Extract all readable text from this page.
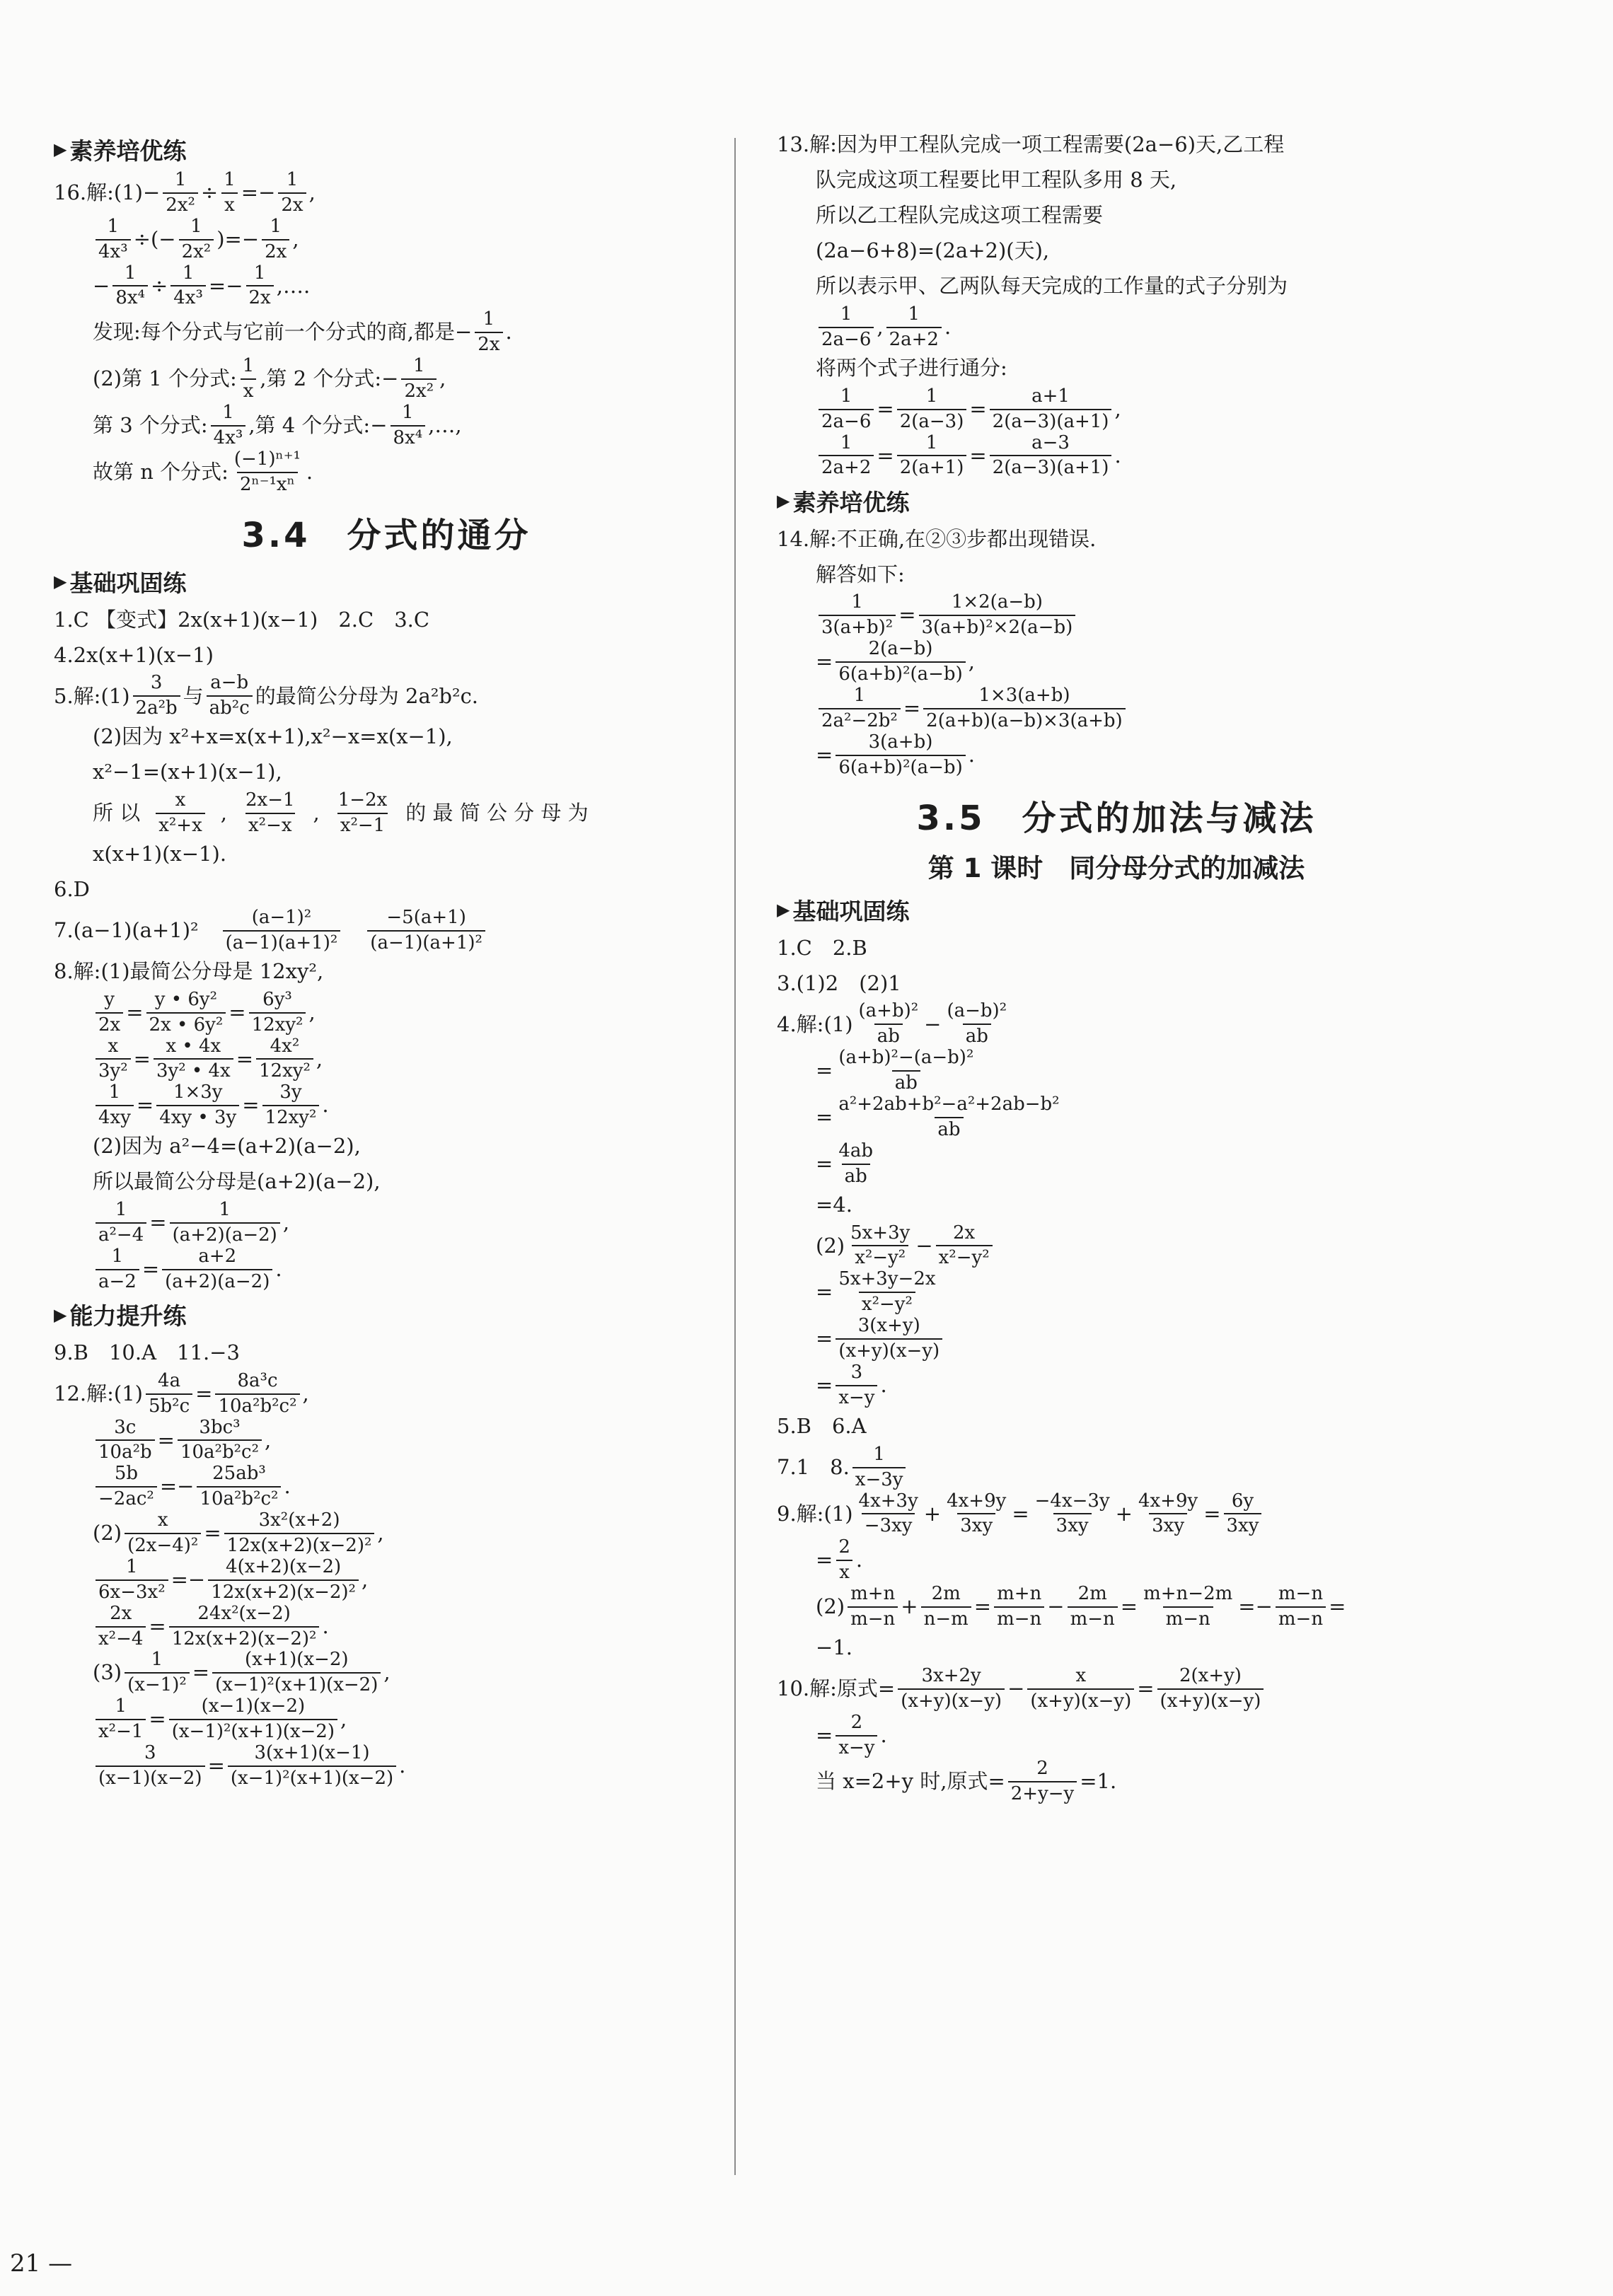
▶ 素养培优练
16.解:(1)− $\frac{1}{\text{2x²}} \div \frac{1}{x} =- \frac{1}{2x}$ ,
$\frac{1}{\text{4x³}}$ ÷(− $\frac{1}{\text{2x²}}$ )=− $\frac{1}{2x}$ ,
− $\frac{1}{\text{8x⁴}} \div \frac{1}{\text{4x³}} =- \frac{1}{2x}$ ,….
发现:每个分式与它前一个分式的商,都是− $\frac{1}{2x}$ .
(2)第 1 个分式: $\frac{1}{x}$ ,第 2 个分式:− $\frac{1}{\text{2x²}}$ ,
第 3 个分式: $\frac{1}{\text{4x³}}$ ,第 4 个分式:− $\frac{1}{\text{8x⁴}}$ ,…,
故第 n 个分式: $\frac{\text{(−1)ⁿ⁺¹}}{\text{2ⁿ⁻¹xⁿ}}$ .
3.4　分式的通分
▶ 基础巩固练
1.C 【变式】2x(x+1)(x−1)　2.C　3.C
4.2x(x+1)(x−1)
5.解:(1) $\frac{3}{\text{2a²b}}$ 与 $\frac{a-b}{\text{ab²c}}$ 的最简公分母为 2a²b²c.
(2)因为 x²+x=x(x+1),x²−x=x(x−1),
x²−1=(x+1)(x−1),
所 以 $\frac{x}{\text{x²+x}}$ , $\frac{2x-1}{\text{x²−x}}$ , $\frac{1-2x}{\text{x²−1}}$ 的 最 简 公 分 母 为
x(x+1)(x−1).
6.D
$7.(a-1)(a+1)^2 \frac{\text{(a−1)²}}{\text{(a−1)(a+1)²}} \frac{-5(a+1)}{\text{(a−1)(a+1)²}}$
8.解:(1)最简公分母是 12xy²,
$\frac{y}{2x} = \frac{\text{y • 6y²}}{\text{2x • 6y²}} = \frac{\text{6y³}}{\text{12xy²}}$ ,
$\frac{x}{\text{3y²}} = \frac{x • 4x}{\text{3y² • 4x}} = \frac{\text{4x²}}{\text{12xy²}}$ ,
$\frac{1}{4xy} = \frac{1\times 3y}{4xy • 3y} = \frac{3y}{\text{12xy²}}$ .
(2)因为 a²−4=(a+2)(a−2),
所以最简公分母是(a+2)(a−2),
$\frac{1}{\text{a²−4}} = \frac{1}{(a+2)(a-2)}$ ,
$\frac{1}{a-2} = \frac{a+2}{(a+2)(a-2)}$ .
▶ 能力提升练
9.B　10.A　11.−3
12.解:(1) $\frac{4a}{\text{5b²c}} = \frac{\text{8a³c}}{\text{10a²b²c²}}$ ,
$\frac{3c}{\text{10a²b}} = \frac{\text{3bc³}}{\text{10a²b²c²}}$ ,
$\frac{5b}{\text{−2ac²}} =- \frac{\text{25ab³}}{\text{10a²b²c²}}$ .
$(2) \frac{x}{\text{(2x−4)²}} = \frac{\text{3x²(x+2)}}{\text{12x(x+2)(x−2)²}}$ ,
$\frac{1}{\text{6x−3x²}} =- \frac{4(x+2)(x-2)}{\text{12x(x+2)(x−2)²}}$ ,
$\frac{2x}{\text{x²−4}} = \frac{\text{24x²(x−2)}}{\text{12x(x+2)(x−2)²}}$ .
$(3) \frac{1}{\text{(x−1)²}} = \frac{(x+1)(x-2)}{\text{(x−1)²(x+1)(x−2)}}$ ,
$\frac{1}{\text{x²−1}} = \frac{(x-1)(x-2)}{\text{(x−1)²(x+1)(x−2)}}$ ,
$\frac{3}{(x-1)(x-2)} = \frac{3(x+1)(x-1)}{\text{(x−1)²(x+1)(x−2)}}$ .
13.解:因为甲工程队完成一项工程需要(2a−6)天,乙工程
队完成这项工程要比甲工程队多用 8 天,
所以乙工程队完成这项工程需要
(2a−6+8)=(2a+2)(天),
所以表示甲、乙两队每天完成的工作量的式子分别为
$\frac{1}{2a-6}$ , $\frac{1}{2a+2}$ .
将两个式子进行通分:
$\frac{1}{2a-6} = \frac{1}{2(a-3)} = \frac{a+1}{2(a-3)(a+1)}$ ,
$\frac{1}{2a+2} = \frac{1}{2(a+1)} = \frac{a-3}{2(a-3)(a+1)}$ .
▶ 素养培优练
14.解:不正确,在②③步都出现错误.
解答如下:
$\frac{1}{\text{3(a+b)²}} = \frac{1\times 2(a-b)}{\text{3(a+b)²×2(a−b)}}$
= $\frac{2(a-b)}{\text{6(a+b)²(a−b)}}$ ,
$\frac{1}{\text{2a²−2b²}} = \frac{1\times 3(a+b)}{2(a+b)(a-b)\times 3(a+b)}$
= $\frac{3(a+b)}{\text{6(a+b)²(a−b)}}$ .
3.5　分式的加法与减法
第 1 课时　同分母分式的加减法
▶ 基础巩固练
1.C　2.B
3.(1)2　(2)1
4.解:(1) $\frac{\text{(a+b)²}}{ab} - \frac{\text{(a−b)²}}{ab}$
= $\frac{\text{(a+b)²−(a−b)²}}{ab}$
= $\frac{\text{a²+2ab+b²−a²+2ab−b²}}{ab}$
= $\frac{4ab}{ab}$
=4.
$(2) \frac{5x+3y}{\text{x²−y²}} - \frac{2x}{\text{x²−y²}}$
= $\frac{5x+3y-2x}{\text{x²−y²}}$
= $\frac{3(x+y)}{(x+y)(x-y)}$
= $\frac{3}{x-y}$ .
5.B　6.A
7.1　8. $\frac{1}{x-3y}$
9.解:(1) $\frac{4x+3y}{-3xy} + \frac{4x+9y}{3xy} = \frac{-4x-3y}{3xy} + \frac{4x+9y}{3xy} = \frac{6y}{3xy}$
= $\frac{2}{x}$ .
$(2) \frac{m+n}{m-n} + \frac{2m}{n-m} = \frac{m+n}{m-n} - \frac{2m}{m-n} = \frac{m+n-2m}{m-n} =- \frac{m-n}{m-n}$ =
−1.
10.解:原式= $\frac{3x+2y}{(x+y)(x-y)} - \frac{x}{(x+y)(x-y)} = \frac{2(x+y)}{(x+y)(x-y)}$
= $\frac{2}{x-y}$ .
当 x=2+y 时,原式= $\frac{2}{2+y-y} =1$.
21 —
